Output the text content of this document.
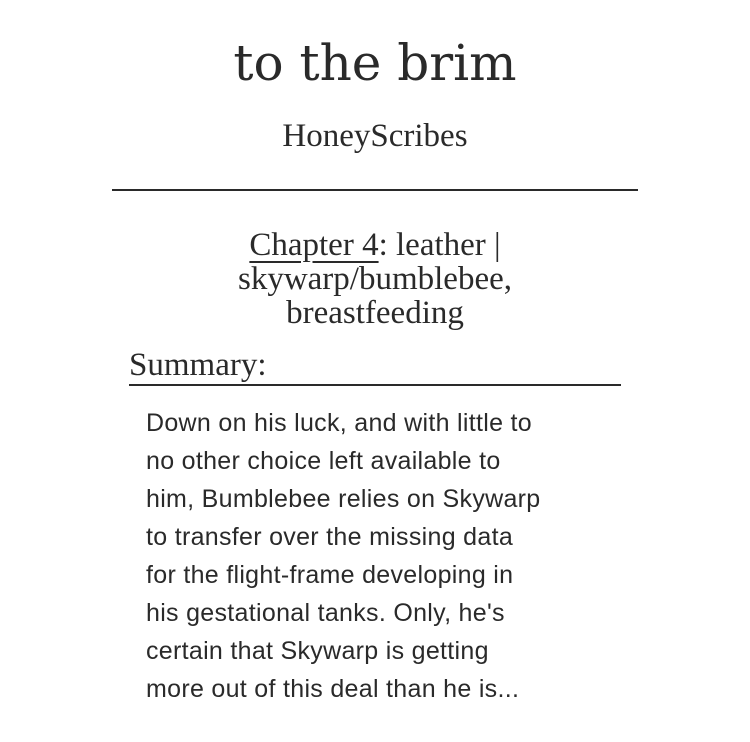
to the brim
HoneyScribes
Chapter 4: leather |
skywarp/bumblebee,
breastfeeding
Summary:
Down on his luck, and with little to
no other choice left available to
him, Bumblebee relies on Skywarp
to transfer over the missing data
for the flight-frame developing in
his gestational tanks. Only, he's
certain that Skywarp is getting
more out of this deal than he is...
